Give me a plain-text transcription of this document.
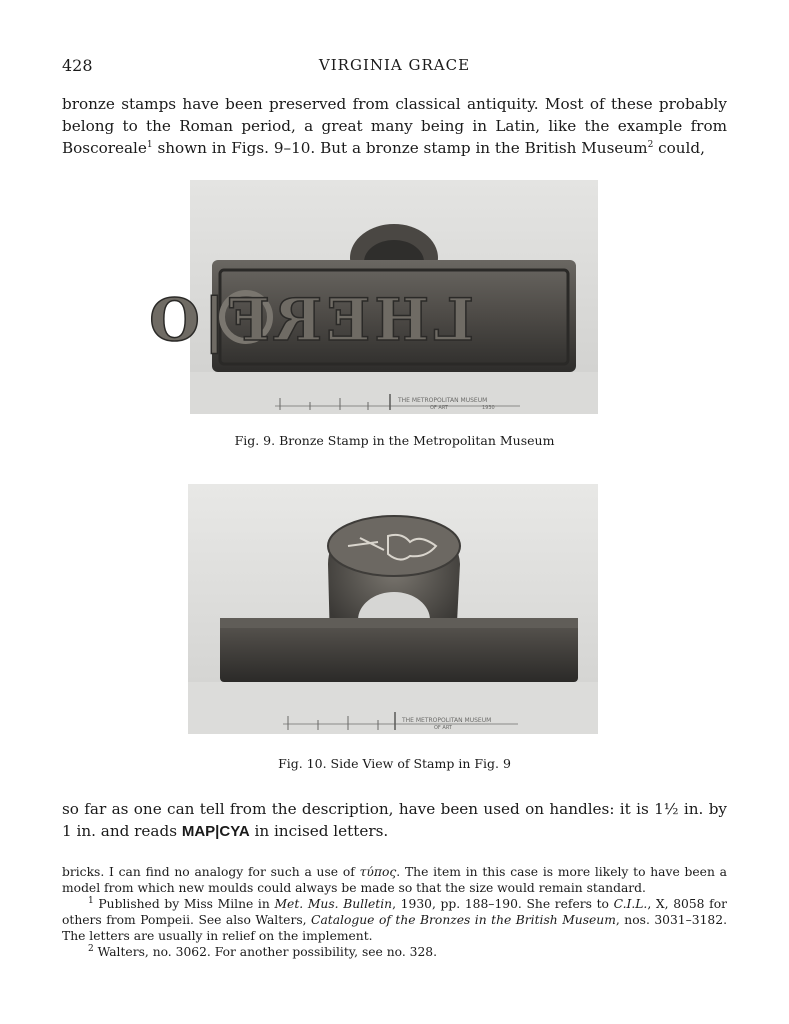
428	VIRGINIA GRACE

bronze stamps have been preserved from classical antiquity. Most of these probably belong to the Roman period, a great many being in Latin, like the example from Boscoreale$^1$ shown in Figs. 9–10. But a bronze stamp in the British Museum$^2$ could,

LHERF|O
THE METROPOLITAN MUSEUM
OF ART	1930

Fig. 9. Bronze Stamp in the Metropolitan Museum

THE METROPOLITAN MUSEUM
OF ART

Fig. 10. Side View of Stamp in Fig. 9

so far as one can tell from the description, have been used on handles: it is 1½ in. by 1 in. and reads MAP|CYA in incised letters.

bricks. I can find no analogy for such a use of τύπος. The item in this case is more likely to have been a model from which new moulds could always be made so that the size would remain standard.

$^1$ Published by Miss Milne in Met. Mus. Bulletin, 1930, pp. 188–190. She refers to C.I.L., X, 8058 for others from Pompeii. See also Walters, Catalogue of the Bronzes in the British Museum, nos. 3031–3182. The letters are usually in relief on the implement.

$^2$ Walters, no. 3062. For another possibility, see no. 328.
